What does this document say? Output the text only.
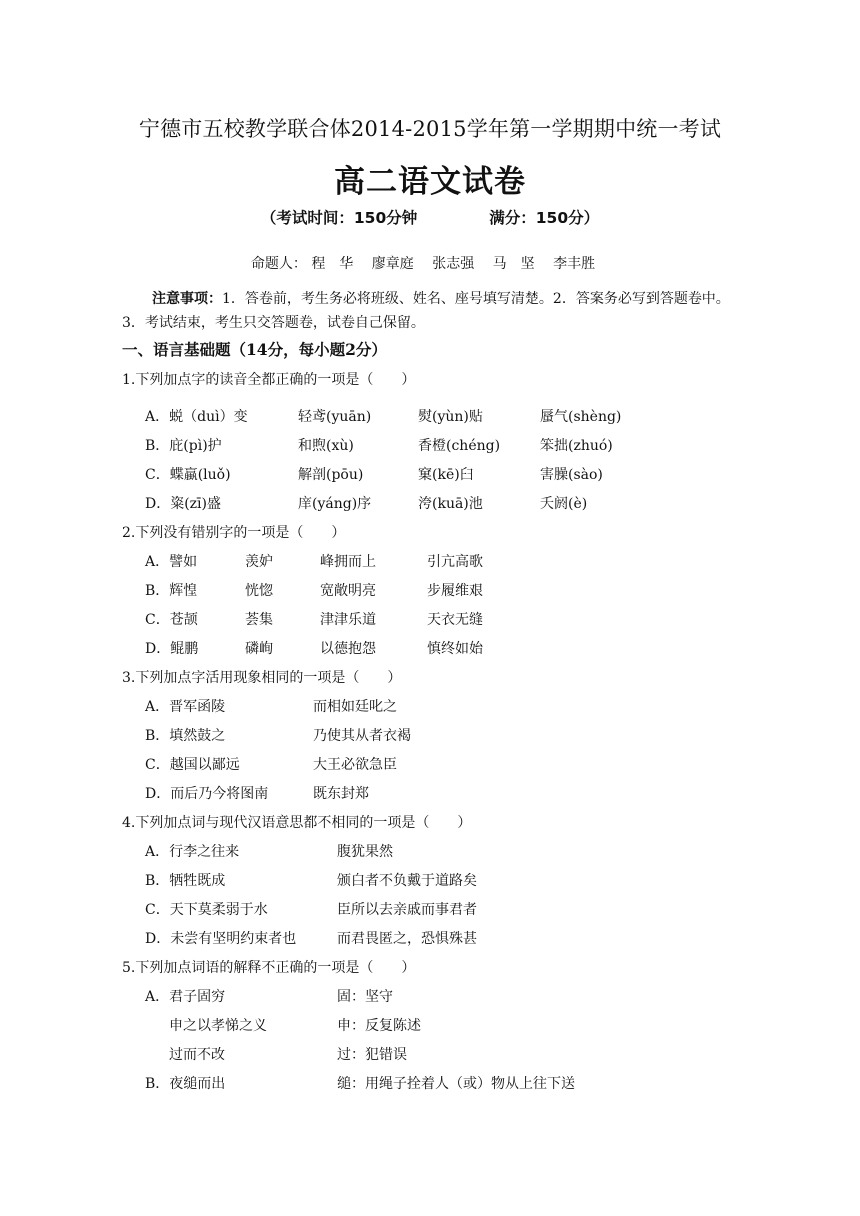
宁德市五校教学联合体2014-2015学年第一学期期中统一考试
高二语文试卷
（考试时间：150分钟	满分：150分）
命题人： 程　华 廖章庭 张志强 马　坚 李丰胜
注意事项：1．答卷前，考生务必将班级、姓名、座号填写清楚。2．答案务必写到答题卷中。3．考试结束，考生只交答题卷，试卷自己保留。
一、语言基础题（14分，每小题2分）
1.下列加点字的读音全都正确的一项是（　　）
A．蜕（duì）变	轻鸢(yuān)	熨(yùn)贴	蜃气(shèng)
B．庇(pì)护	和煦(xù)	香橙(chéng)	笨拙(zhuó)
C．蝶蠃(luǒ)	解剖(pōu)	窠(kē)臼	害臊(sào)
D．粢(zī)盛	庠(yáng)序	洿(kuā)池	夭阏(è)
2.下列没有错别字的一项是（　　）
A．譬如	羡妒	峰拥而上	引亢高歌
B．辉惶	恍惚	宽敞明亮	步履维艰
C．苍颉	荟集	津津乐道	天衣无缝
D．鲲鹏	磷峋	以德抱怨	慎终如始
3.下列加点字活用现象相同的一项是（　　）
A．晋军函陵	而相如廷叱之
B．填然鼓之	乃使其从者衣褐
C．越国以鄙远	大王必欲急臣
D．而后乃今将图南	既东封郑
4.下列加点词与现代汉语意思都不相同的一项是（　　）
A．行李之往来	腹犹果然
B．牺牲既成	颁白者不负戴于道路矣
C．天下莫柔弱于水	臣所以去亲戚而事君者
D．未尝有坚明约束者也	而君畏匿之，恐惧殊甚
5.下列加点词语的解释不正确的一项是（　　）
A．君子固穷	固：坚守
申之以孝悌之义	申：反复陈述
过而不改	过：犯错误
B．夜缒而出	缒：用绳子拴着人（或）物从上往下送
